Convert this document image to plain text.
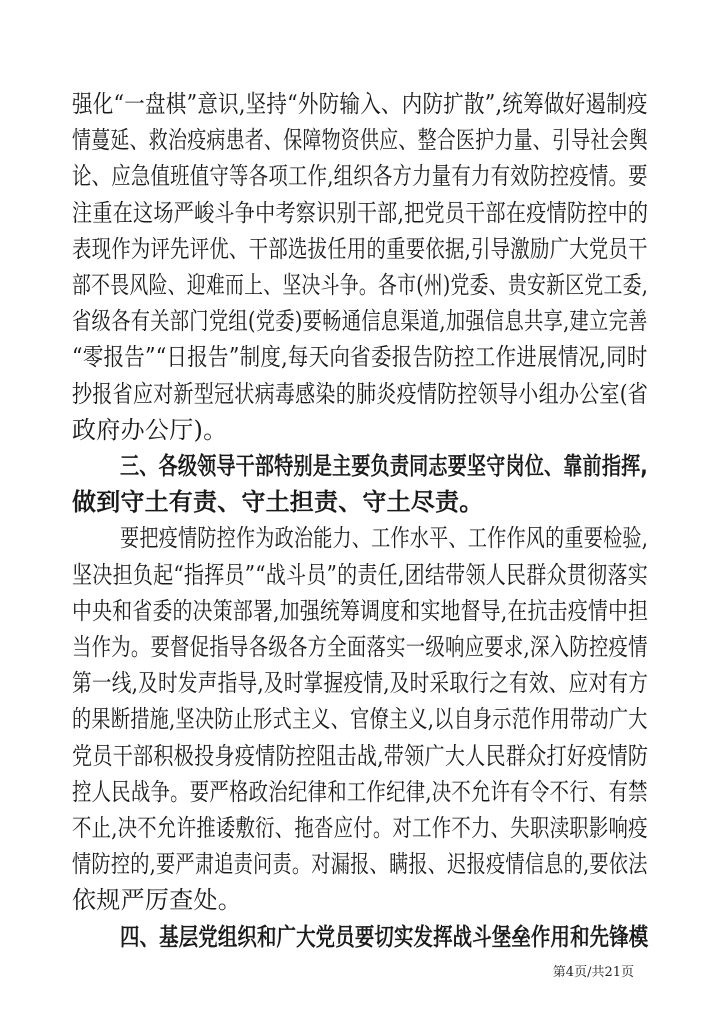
强化“一盘棋”意识,坚持“外防输入、内防扩散”,统筹做好遏制疫
情蔓延、救治疫病患者、保障物资供应、整合医护力量、引导社会舆
论、应急值班值守等各项工作,组织各方力量有力有效防控疫情。要
注重在这场严峻斗争中考察识别干部,把党员干部在疫情防控中的
表现作为评先评优、干部选拔任用的重要依据,引导激励广大党员干
部不畏风险、迎难而上、坚决斗争。各市(州)党委、贵安新区党工委,
省级各有关部门党组(党委)要畅通信息渠道,加强信息共享,建立完善
“零报告”“日报告”制度,每天向省委报告防控工作进展情况,同时
抄报省应对新型冠状病毒感染的肺炎疫情防控领导小组办公室(省
政府办公厅)。
三、各级领导干部特别是主要负责同志要坚守岗位、靠前指挥,
做到守土有责、守土担责、守土尽责。
要把疫情防控作为政治能力、工作水平、工作作风的重要检验,
坚决担负起“指挥员”“战斗员”的责任,团结带领人民群众贯彻落实
中央和省委的决策部署,加强统筹调度和实地督导,在抗击疫情中担
当作为。要督促指导各级各方全面落实一级响应要求,深入防控疫情
第一线,及时发声指导,及时掌握疫情,及时采取行之有效、应对有方
的果断措施,坚决防止形式主义、官僚主义,以自身示范作用带动广大
党员干部积极投身疫情防控阻击战,带领广大人民群众打好疫情防
控人民战争。要严格政治纪律和工作纪律,决不允许有令不行、有禁
不止,决不允许推诿敷衍、拖沓应付。对工作不力、失职渎职影响疫
情防控的,要严肃追责问责。对漏报、瞒报、迟报疫情信息的,要依法
依规严厉查处。
四、基层党组织和广大党员要切实发挥战斗堡垒作用和先锋模
第4页/共21页
